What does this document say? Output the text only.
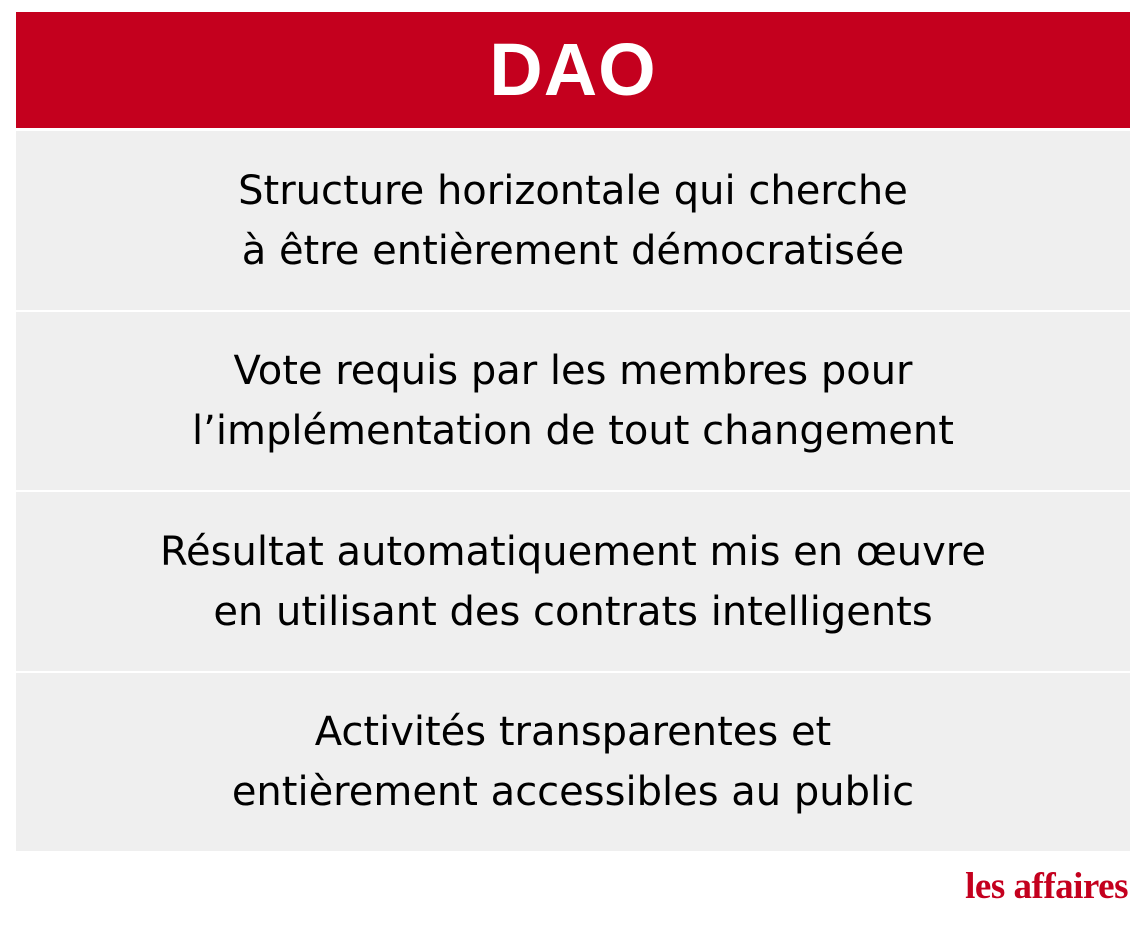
DAO
Structure horizontale qui cherche
à être entièrement démocratisée
Vote requis par les membres pour
l’implémentation de tout changement
Résultat automatiquement mis en œuvre
en utilisant des contrats intelligents
Activités transparentes et
entièrement accessibles au public
les affaires
